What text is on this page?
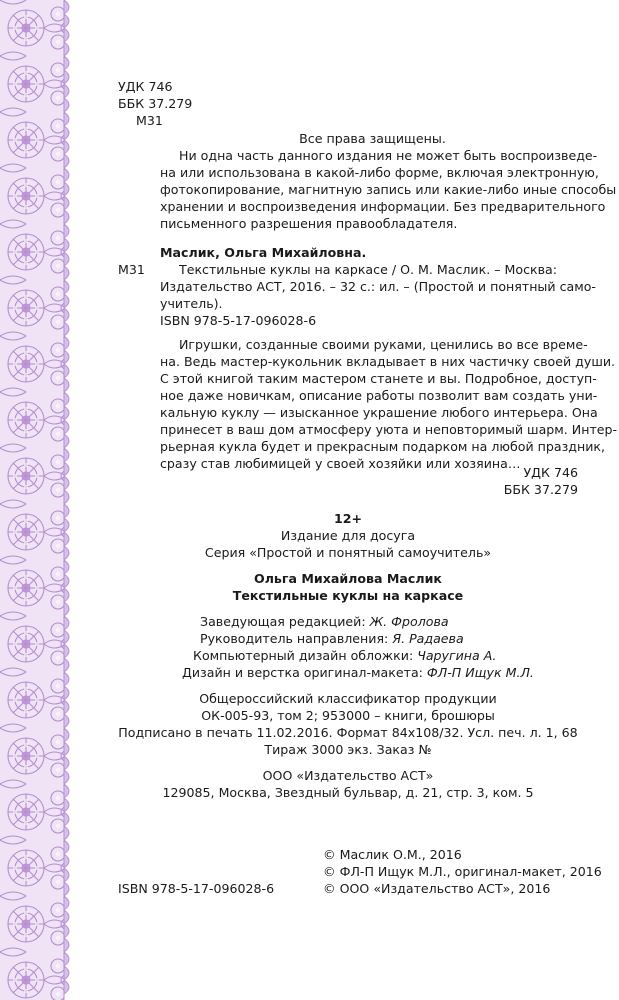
УДК 746
ББК 37.279
М31
Все права защищены.
Ни одна часть данного издания не может быть воспроизведе-
на или использована в какой-либо форме, включая электронную,
фотокопирование, магнитную запись или какие-либо иные способы
хранении и воспроизведения информации. Без предварительного
письменного разрешения правообладателя.
Маслик, Ольга Михайловна.
М31	Текстильные куклы на каркасе / О. М. Маслик. – Москва:
Издательство АСТ, 2016. – 32 с.: ил. – (Простой и понятный само-
учитель).
ISBN 978-5-17-096028-6
Игрушки, созданные своими руками, ценились во все време-
на. Ведь мастер-кукольник вкладывает в них частичку своей души.
С этой книгой таким мастером станете и вы. Подробное, доступ-
ное даже новичкам, описание работы позволит вам создать уни-
кальную куклу — изысканное украшение любого интерьера. Она
принесет в ваш дом атмосферу уюта и неповторимый шарм. Интер-
рьерная кукла будет и прекрасным подарком на любой праздник,
сразу став любимицей у своей хозяйки или хозяина…
УДК 746
ББК 37.279
12+
Издание для досуга
Серия «Простой и понятный самоучитель»
Ольга Михайлова Маслик
Текстильные куклы на каркасе
Заведующая редакцией: Ж. Фролова
Руководитель направления: Я. Радаева
Компьютерный дизайн обложки: Чаругина А.
Дизайн и верстка оригинал-макета: ФЛ-П Ищук М.Л.
Общероссийский классификатор продукции
ОК-005-93, том 2; 953000 – книги, брошюры
Подписано в печать 11.02.2016. Формат 84x108/32. Усл. печ. л. 1, 68
Тираж 3000 экз. Заказ №
ООО «Издательство АСТ»
129085, Москва, Звездный бульвар, д. 21, стр. 3, ком. 5
© Маслик О.М., 2016
© ФЛ-П Ищук М.Л., оригинал-макет, 2016
© ООО «Издательство АСТ», 2016
ISBN 978-5-17-096028-6
